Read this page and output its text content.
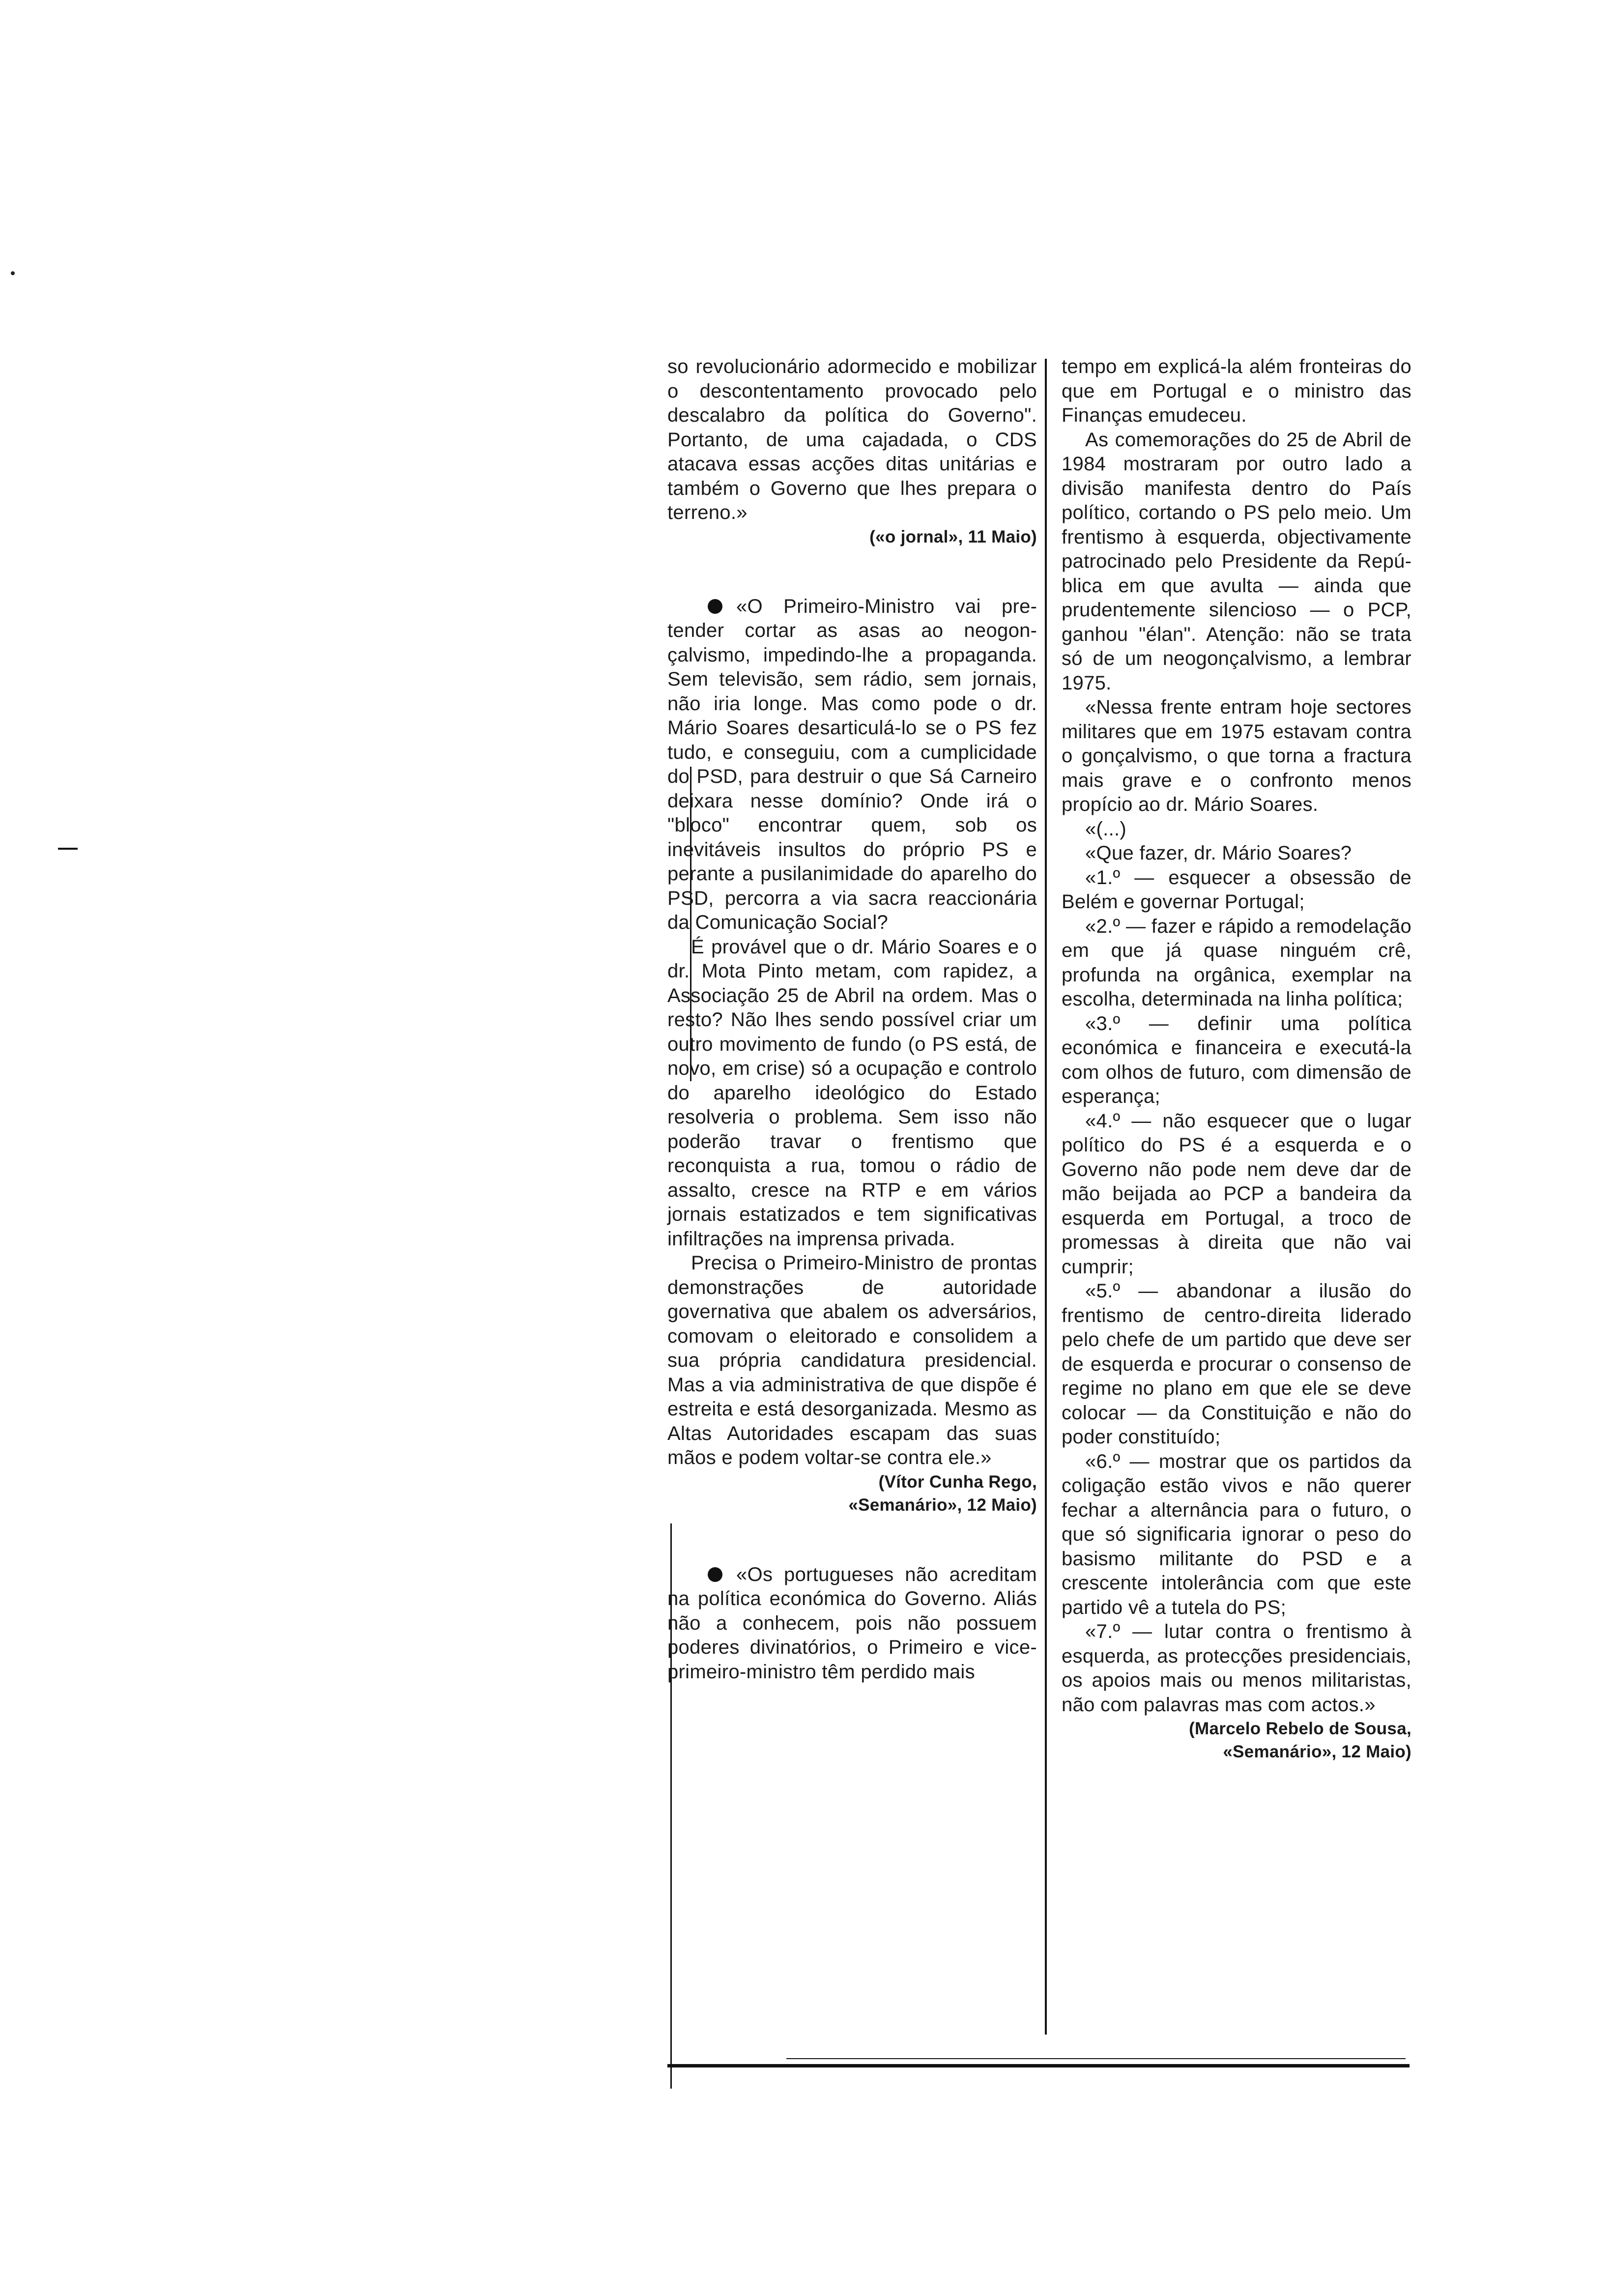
so revolucionário adormecido e mobilizar o descontentamento provocado pelo descalabro da política do Governo". Portanto, de uma cajadada, o CDS atacava essas acções ditas unitárias e também o Governo que lhes prepara o terreno.»

(«o jornal», 11 Maio)

«O Primeiro-Ministro vai pretender cortar as asas ao neogonçalvismo, impedindo-lhe a propaganda. Sem televisão, sem rádio, sem jornais, não iria longe. Mas como pode o dr. Mário Soares desarticulá-lo se o PS fez tudo, e conseguiu, com a cumplicidade do PSD, para destruir o que Sá Carneiro deixara nesse domínio? Onde irá o "bloco" encontrar quem, sob os inevitáveis insultos do próprio PS e perante a pusilanimidade do aparelho do PSD, percorra a via sacra reaccionária da Comunicação Social?

É provável que o dr. Mário Soares e o dr. Mota Pinto metam, com rapidez, a Associação 25 de Abril na ordem. Mas o resto? Não lhes sendo possível criar um outro movimento de fundo (o PS está, de novo, em crise) só a ocupação e controlo do aparelho ideológico do Estado resolveria o problema. Sem isso não poderão travar o frentismo que reconquista a rua, tomou o rádio de assalto, cresce na RTP e em vários jornais estatizados e tem significativas infiltrações na imprensa privada.

Precisa o Primeiro-Ministro de prontas demonstrações de autoridade governativa que abalem os adversários, comovam o eleitorado e consolidem a sua própria candidatura presidencial. Mas a via administrativa de que dispõe é estreita e está desorganizada. Mesmo as Altas Autoridades escapam das suas mãos e podem voltar-se contra ele.»

(Vítor Cunha Rego,
«Semanário», 12 Maio)

«Os portugueses não acreditam na política económica do Governo. Aliás não a conhecem, pois não possuem poderes divinatórios, o Primeiro e vice-primeiro-ministro têm perdido mais

tempo em explicá-la além fronteiras do que em Portugal e o ministro das Finanças emudeceu.

As comemorações do 25 de Abril de 1984 mostraram por outro lado a divisão manifesta dentro do País político, cortando o PS pelo meio. Um frentismo à esquerda, objectivamente patrocinado pelo Presidente da República em que avulta — ainda que prudentemente silencioso — o PCP, ganhou "élan". Atenção: não se trata só de um neogonçalvismo, a lembrar 1975.

«Nessa frente entram hoje sectores militares que em 1975 estavam contra o gonçalvismo, o que torna a fractura mais grave e o confronto menos propício ao dr. Mário Soares.

«(...)

«Que fazer, dr. Mário Soares?

«1.º — esquecer a obsessão de Belém e governar Portugal;

«2.º — fazer e rápido a remodelação em que já quase ninguém crê, profunda na orgânica, exemplar na escolha, determinada na linha política;

«3.º — definir uma política económica e financeira e executá-la com olhos de futuro, com dimensão de esperança;

«4.º — não esquecer que o lugar político do PS é a esquerda e o Governo não pode nem deve dar de mão beijada ao PCP a bandeira da esquerda em Portugal, a troco de promessas à direita que não vai cumprir;

«5.º — abandonar a ilusão do frentismo de centro-direita liderado pelo chefe de um partido que deve ser de esquerda e procurar o consenso de regime no plano em que ele se deve colocar — da Constituição e não do poder constituído;

«6.º — mostrar que os partidos da coligação estão vivos e não querer fechar a alternância para o futuro, o que só significaria ignorar o peso do basismo militante do PSD e a crescente intolerância com que este partido vê a tutela do PS;

«7.º — lutar contra o frentismo à esquerda, as protecções presidenciais, os apoios mais ou menos militaristas, não com palavras mas com actos.»

(Marcelo Rebelo de Sousa,
«Semanário», 12 Maio)
